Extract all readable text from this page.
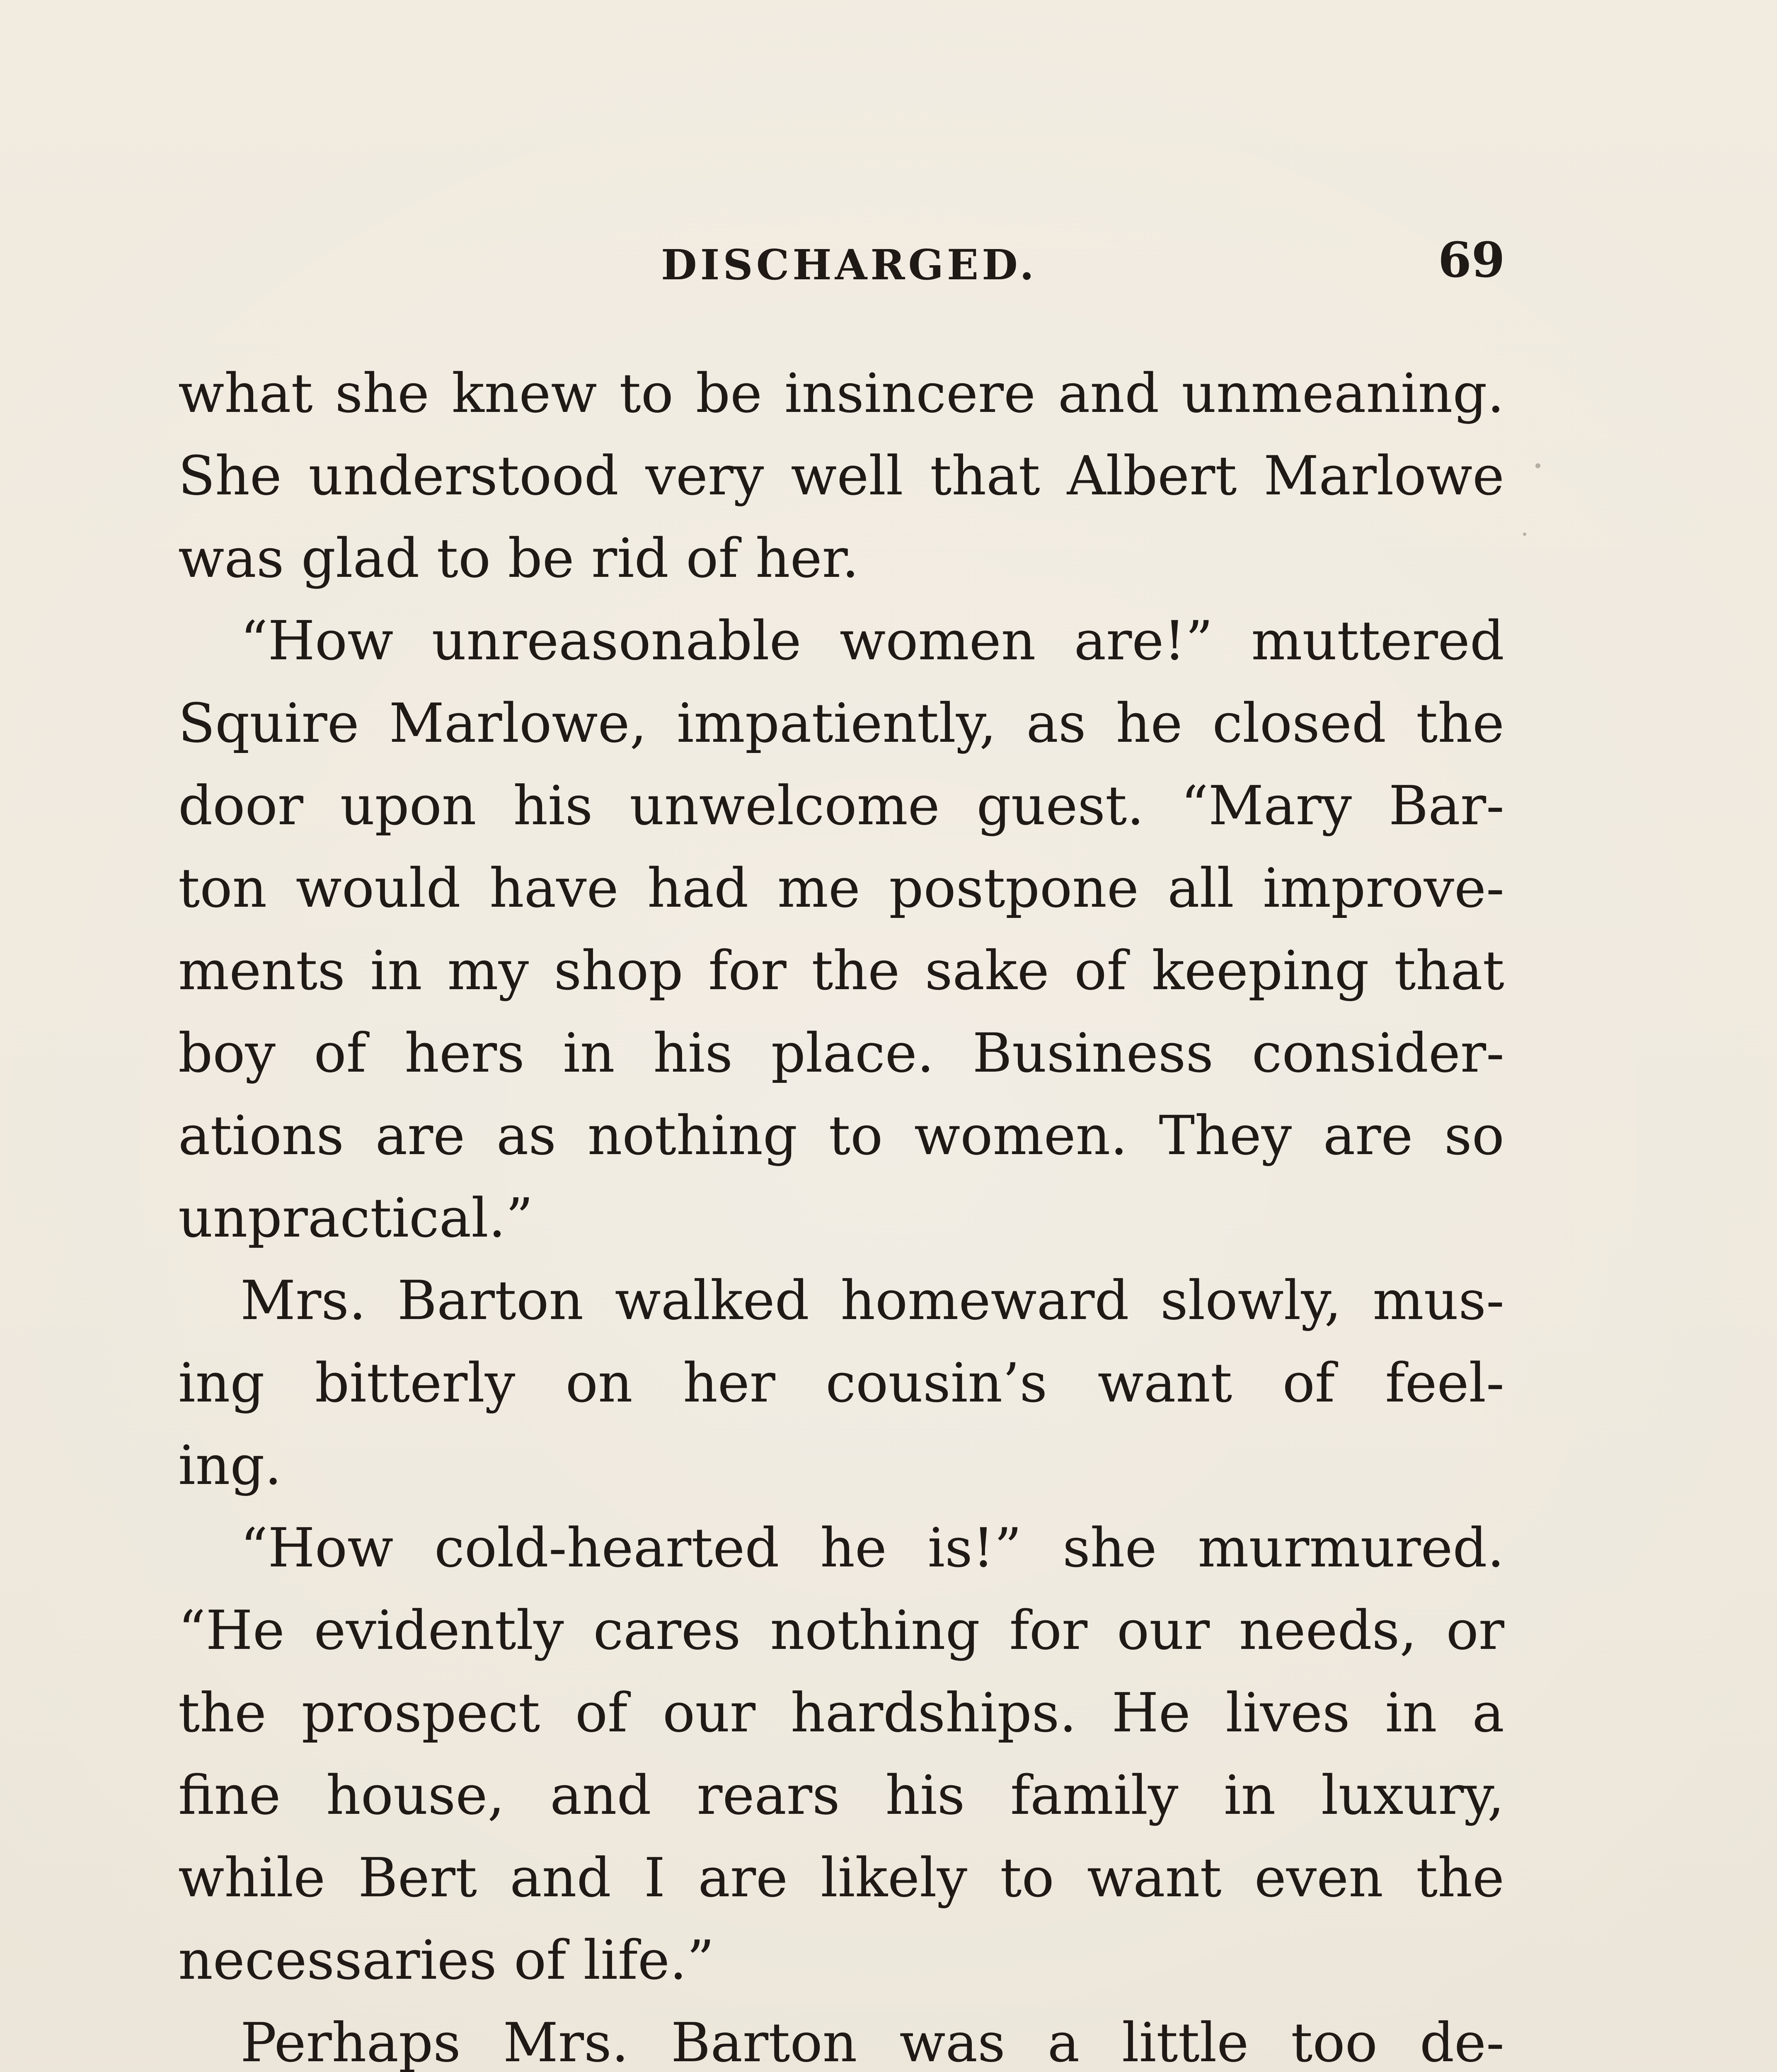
DISCHARGED.	69
what she knew to be insincere and unmeaning.
She understood very well that Albert Marlowe
was glad to be rid of her.
“How unreasonable women are!” muttered
Squire Marlowe, impatiently, as he closed the
door upon his unwelcome guest. “Mary Bar-
ton would have had me postpone all improve-
ments in my shop for the sake of keeping that
boy of hers in his place. Business consider-
ations are as nothing to women. They are so
unpractical.”
Mrs. Barton walked homeward slowly, mus-
ing bitterly on her cousin’s want of feel-
ing.
“How cold-hearted he is!” she murmured.
“He evidently cares nothing for our needs, or
the prospect of our hardships. He lives in a
fine house, and rears his family in luxury,
while Bert and I are likely to want even the
necessaries of life.”
Perhaps Mrs. Barton was a little too de-
